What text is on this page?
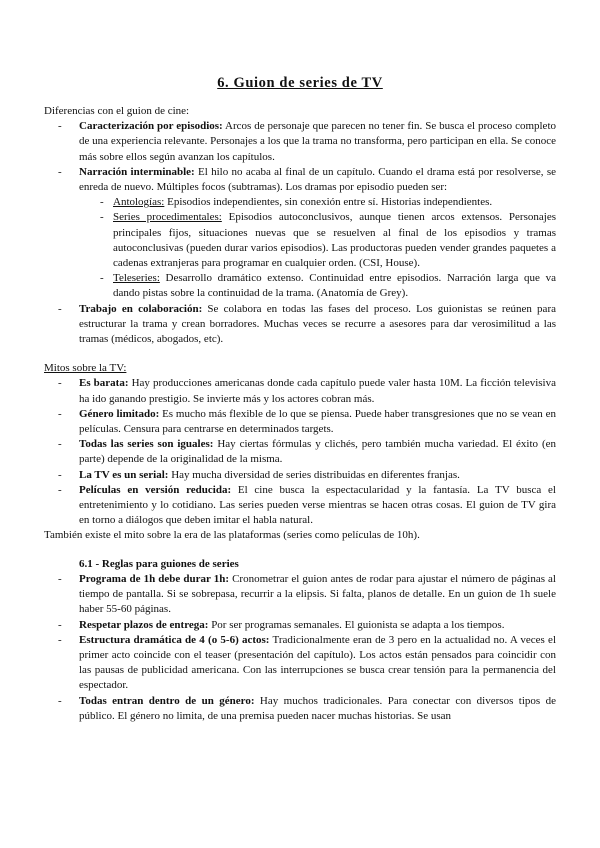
6. Guion de series de TV

Diferencias con el guion de cine:

- Caracterización por episodios: Arcos de personaje que parecen no tener fin. Se busca el proceso completo de una experiencia relevante. Personajes a los que la trama no transforma, pero participan en ella. Se conoce más sobre ellos según avanzan los capítulos.
- Narración interminable: El hilo no acaba al final de un capítulo. Cuando el drama está por resolverse, se enreda de nuevo. Múltiples focos (subtramas). Los dramas por episodio pueden ser:
- Antologías: Episodios independientes, sin conexión entre sí. Historias independientes.
- Series procedimentales: Episodios autoconclusivos, aunque tienen arcos extensos. Personajes principales fijos, situaciones nuevas que se resuelven al final de los episodios y tramas autoconclusivas (pueden durar varios episodios). Las productoras pueden vender grandes paquetes a cadenas extranjeras para programar en cualquier orden. (CSI, House).
- Teleseries: Desarrollo dramático extenso. Continuidad entre episodios. Narración larga que va dando pistas sobre la continuidad de la trama. (Anatomía de Grey).
- Trabajo en colaboración: Se colabora en todas las fases del proceso. Los guionistas se reúnen para estructurar la trama y crean borradores. Muchas veces se recurre a asesores para dar verosimilitud a las tramas (médicos, abogados, etc).

Mitos sobre la TV:

- Es barata: Hay producciones americanas donde cada capítulo puede valer hasta 10M. La ficción televisiva ha ido ganando prestigio. Se invierte más y los actores cobran más.
- Género limitado: Es mucho más flexible de lo que se piensa. Puede haber transgresiones que no se vean en películas. Censura para centrarse en determinados targets.
- Todas las series son iguales: Hay ciertas fórmulas y clichés, pero también mucha variedad. El éxito (en parte) depende de la originalidad de la misma.
- La TV es un serial: Hay mucha diversidad de series distribuidas en diferentes franjas.
- Películas en versión reducida: El cine busca la espectacularidad y la fantasía. La TV busca el entretenimiento y lo cotidiano. Las series pueden verse mientras se hacen otras cosas. El guion de TV gira en torno a diálogos que deben imitar el habla natural.

También existe el mito sobre la era de las plataformas (series como películas de 10h).

6.1 - Reglas para guiones de series

- Programa de 1h debe durar 1h: Cronometrar el guion antes de rodar para ajustar el número de páginas al tiempo de pantalla. Si se sobrepasa, recurrir a la elipsis. Si falta, planos de detalle. En un guion de 1h suele haber 55-60 páginas.
- Respetar plazos de entrega: Por ser programas semanales. El guionista se adapta a los tiempos.
- Estructura dramática de 4 (o 5-6) actos: Tradicionalmente eran de 3 pero en la actualidad no. A veces el primer acto coincide con el teaser (presentación del capítulo). Los actos están pensados para coincidir con las pausas de publicidad americana. Con las interrupciones se busca crear tensión para la permanencia del espectador.
- Todas entran dentro de un género: Hay muchos tradicionales. Para conectar con diversos tipos de público. El género no limita, de una premisa pueden nacer muchas historias. Se usan
